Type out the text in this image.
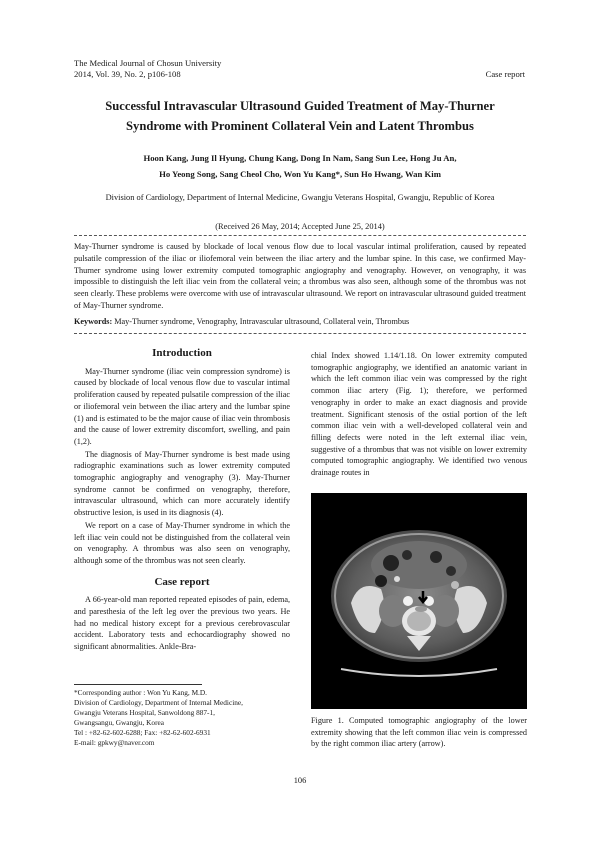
The Medical Journal of Chosun University
2014, Vol. 39, No. 2, p106-108	Case report
Successful Intravascular Ultrasound Guided Treatment of May-Thurner
Syndrome with Prominent Collateral Vein and Latent Thrombus
Hoon Kang, Jung Il Hyung, Chung Kang, Dong In Nam, Sang Sun Lee, Hong Ju An,
Ho Yeong Song, Sang Cheol Cho, Won Yu Kang*, Sun Ho Hwang, Wan Kim
Division of Cardiology, Department of Internal Medicine, Gwangju Veterans Hospital, Gwangju, Republic of Korea
(Received 26 May, 2014; Accepted June 25, 2014)
May-Thurner syndrome is caused by blockade of local venous flow due to local vascular intimal proliferation, caused by repeated pulsatile compression of the iliac or iliofemoral vein between the iliac artery and the lumbar spine. In this case, we confirmed May-Thurner syndrome using lower extremity computed tomographic angiography and venography. However, on venography, it was impossible to distinguish the left iliac vein from the collateral vein; a thrombus was also seen, although some of the thrombus was not seen clearly. These problems were overcome with use of intravascular ultrasound. We report on intravascular ultrasound guided treatment of May-Thurner syndrome.
Keywords: May-Thurner syndrome, Venography, Intravascular ultrasound, Collateral vein, Thrombus
Introduction

May-Thurner syndrome (iliac vein compression syndrome) is caused by blockade of local venous flow due to vascular intimal proliferation caused by repeated pulsatile compression of the iliac or iliofemoral vein between the iliac artery and the lumbar spine (1) and is estimated to be the major cause of iliac vein thrombosis and the cause of lower extremity discomfort, swelling, and pain (1,2).

The diagnosis of May-Thurner syndrome is best made using radiographic examinations such as lower extremity computed tomographic angiography and venography (3). May-Thurner syndrome cannot be confirmed on venography, therefore, intravascular ultrasound, which can more accurately identify obstructive lesion, is used in its diagnosis (4).

We report on a case of May-Thurner syndrome in which the left iliac vein could not be distinguished from the collateral vein on venography. A thrombus was also seen on venography, although some of the thrombus was not seen clearly.

Case report

A 66-year-old man reported repeated episodes of pain, edema, and paresthesia of the left leg over the previous two years. He had no medical history except for a previous cerebrovascular accident. Laboratory tests and echocardiography showed no significant abnormalities. Ankle-Bra-

*Corresponding author : Won Yu Kang, M.D.
Division of Cardiology, Department of Internal Medicine,
Gwangju Veterans Hospital, Sanwoldong 887-1,
Gwangsangu, Gwangju, Korea
Tel : +82-62-602-6288; Fax: +82-62-602-6931
E-mail: gpkwy@naver.com

chial Index showed 1.14/1.18. On lower extremity computed tomographic angiography, we identified an anatomic variant in which the left common iliac vein was compressed by the right common iliac artery (Fig. 1); therefore, we performed venography in order to make an exact diagnosis and provide treatment. Significant stenosis of the ostial portion of the left common iliac vein with a well-developed collateral vein and filling defects were noted in the left external iliac vein, suggestive of a thrombus that was not visible on lower extremity computed tomographic angiography. We identified two venous drainage routes in

Figure 1. Computed tomographic angiography of the lower extremity showing that the left common iliac vein is compressed by the right common iliac artery (arrow).
106
